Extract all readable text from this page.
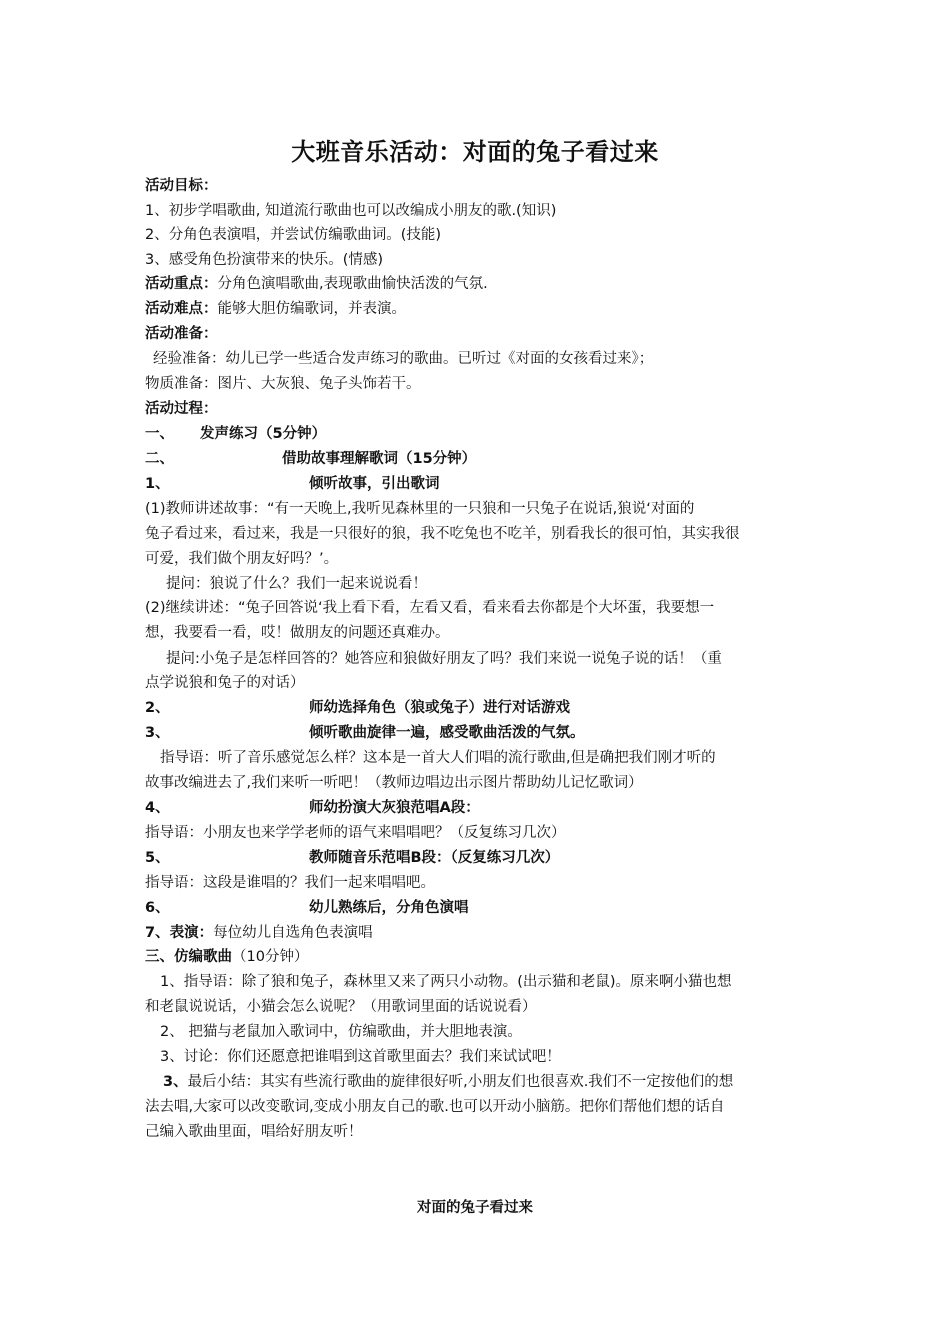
大班音乐活动：对面的兔子看过来
活动目标：
1、初步学唱歌曲, 知道流行歌曲也可以改编成小朋友的歌.(知识)
2、分角色表演唱，并尝试仿编歌曲词。(技能)
3、感受角色扮演带来的快乐。(情感)
活动重点：分角色演唱歌曲,表现歌曲愉快活泼的气氛.
活动难点：能够大胆仿编歌词，并表演。
活动准备：
经验准备：幼儿已学一些适合发声练习的歌曲。已听过《对面的女孩看过来》；
物质准备：图片、大灰狼、兔子头饰若干。
活动过程：
一、 发声练习（5分钟）
二、	借助故事理解歌词（15分钟）
1、	倾听故事，引出歌词
(1)教师讲述故事：“有一天晚上,我听见森林里的一只狼和一只兔子在说话,狼说‘对面的
兔子看过来，看过来，我是一只很好的狼，我不吃兔也不吃羊，别看我长的很可怕，其实我很
可爱，我们做个朋友好吗？’。
提问：狼说了什么？我们一起来说说看！
(2)继续讲述：“兔子回答说‘我上看下看，左看又看，看来看去你都是个大坏蛋，我要想一
想，我要看一看，哎！做朋友的问题还真难办。
提问:小兔子是怎样回答的？她答应和狼做好朋友了吗？我们来说一说兔子说的话！（重
点学说狼和兔子的对话）
2、	师幼选择角色（狼或兔子）进行对话游戏
3、	倾听歌曲旋律一遍，感受歌曲活泼的气氛。
指导语：听了音乐感觉怎么样？这本是一首大人们唱的流行歌曲,但是确把我们刚才听的
故事改编进去了,我们来听一听吧！（教师边唱边出示图片帮助幼儿记忆歌词）
4、	师幼扮演大灰狼范唱A段：
指导语：小朋友也来学学老师的语气来唱唱吧？（反复练习几次）
5、	教师随音乐范唱B段：（反复练习几次）
指导语：这段是谁唱的？我们一起来唱唱吧。
6、	幼儿熟练后，分角色演唱
7、表演：每位幼儿自选角色表演唱
三、仿编歌曲（10分钟）
1、指导语：除了狼和兔子，森林里又来了两只小动物。(出示猫和老鼠)。原来啊小猫也想
和老鼠说说话，小猫会怎么说呢？（用歌词里面的话说说看）
2、 把猫与老鼠加入歌词中，仿编歌曲，并大胆地表演。
3、讨论：你们还愿意把谁唱到这首歌里面去？我们来试试吧！
3、最后小结：其实有些流行歌曲的旋律很好听,小朋友们也很喜欢.我们不一定按他们的想
法去唱,大家可以改变歌词,变成小朋友自己的歌.也可以开动小脑筋。把你们帮他们想的话自
己编入歌曲里面，唱给好朋友听！
对面的兔子看过来
